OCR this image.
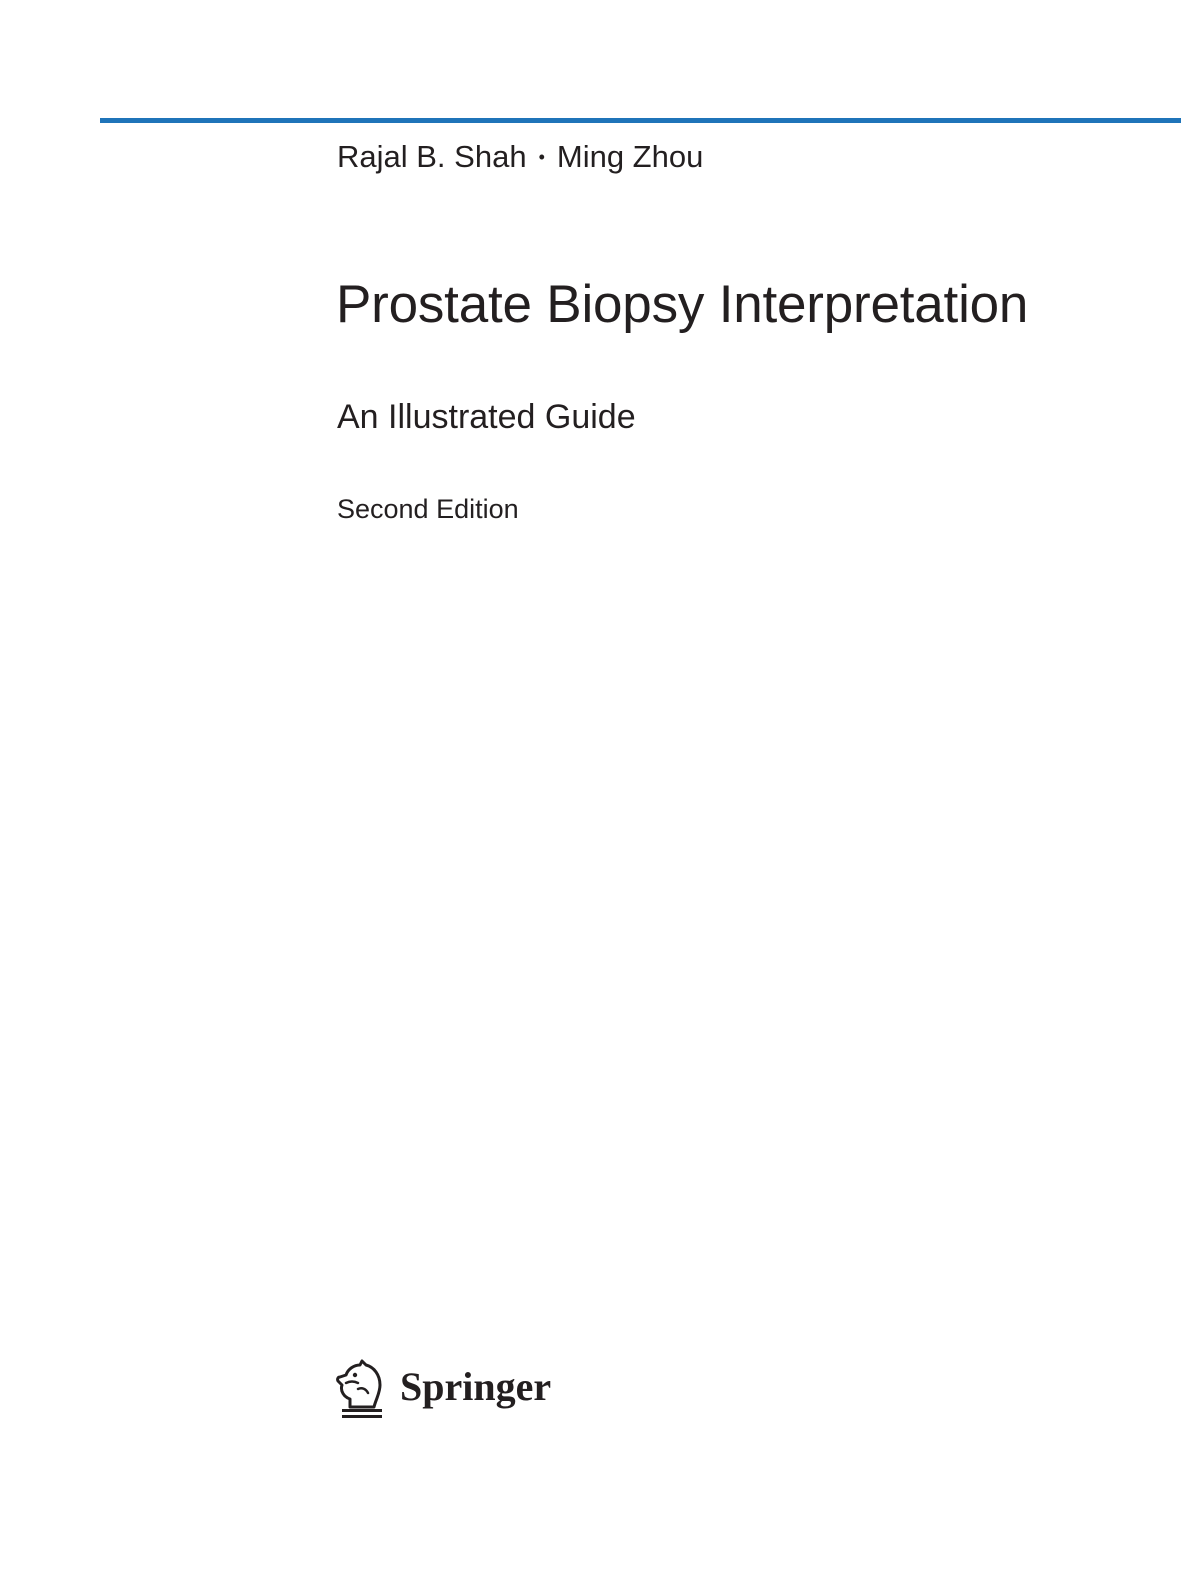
Rajal B. Shah • Ming Zhou
Prostate Biopsy Interpretation
An Illustrated Guide
Second Edition
Springer
